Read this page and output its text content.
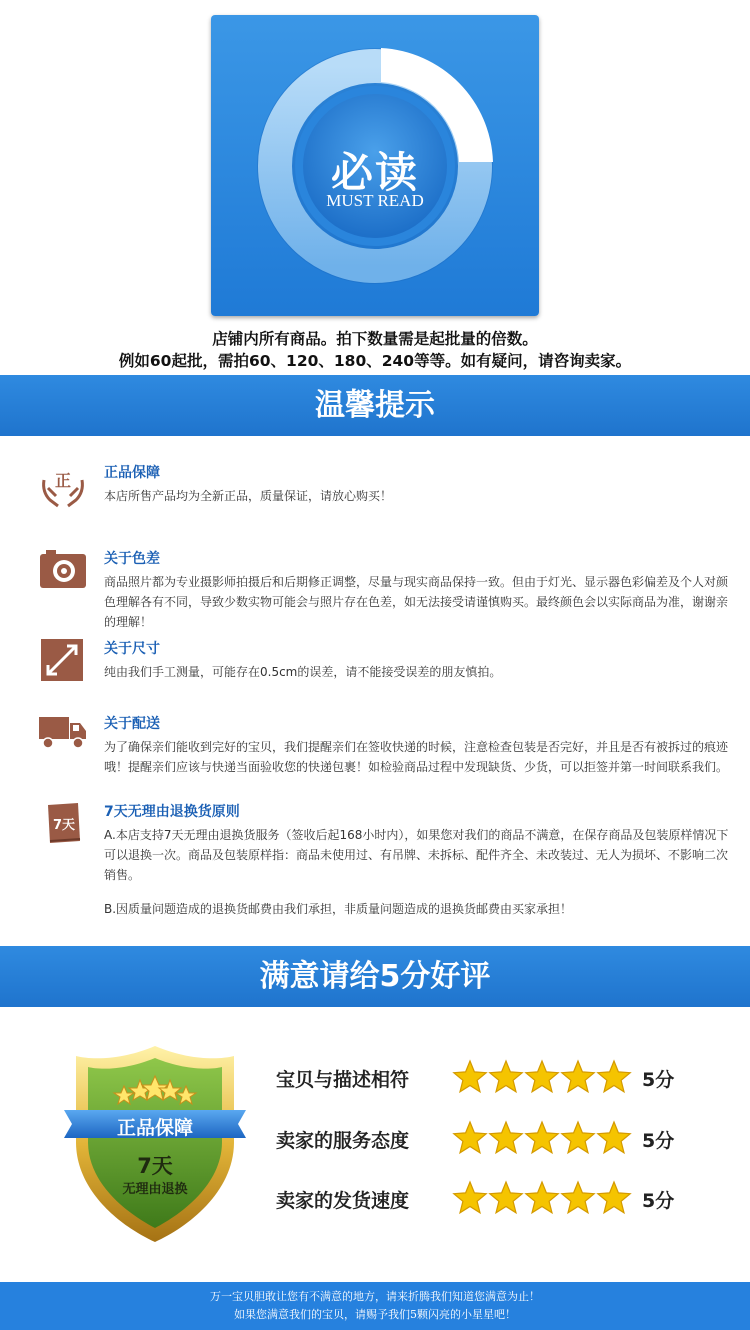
必读
MUST READ
店铺内所有商品。拍下数量需是起批量的倍数。
例如60起批，需拍60、120、180、240等等。如有疑问，请咨询卖家。
温馨提示
正 正品保障
本店所售产品均为全新正品，质量保证，请放心购买！
关于色差
商品照片都为专业摄影师拍摄后和后期修正调整，尽量与现实商品保持一致。但由于灯光、显示器色彩偏差及个人对颜色理解各有不同，导致少数实物可能会与照片存在色差，如无法接受请谨慎购买。最终颜色会以实际商品为准，谢谢亲的理解！
关于尺寸
纯由我们手工测量，可能存在0.5cm的误差，请不能接受误差的朋友慎拍。
关于配送
为了确保亲们能收到完好的宝贝，我们提醒亲们在签收快递的时候，注意检查包装是否完好，并且是否有被拆过的痕迹哦！提醒亲们应该与快递当面验收您的快递包裹！如检验商品过程中发现缺货、少货，可以拒签并第一时间联系我们。
7天
7天无理由退换货原则
A.本店支持7天无理由退换货服务（签收后起168小时内），如果您对我们的商品不满意，在保存商品及包装原样情况下可以退换一次。商品及包装原样指：商品未使用过、有吊牌、未拆标、配件齐全、未改装过、无人为损坏、不影响二次销售。
B.因质量问题造成的退换货邮费由我们承担，非质量问题造成的退换货邮费由买家承担！
满意请给5分好评
正品保障
7天
无理由退换
宝贝与描述相符	5分
卖家的服务态度	5分
卖家的发货速度	5分
万一宝贝胆敢让您有不满意的地方，请来折腾我们知道您满意为止！
如果您满意我们的宝贝，请赐予我们5颗闪亮的小星星吧！
